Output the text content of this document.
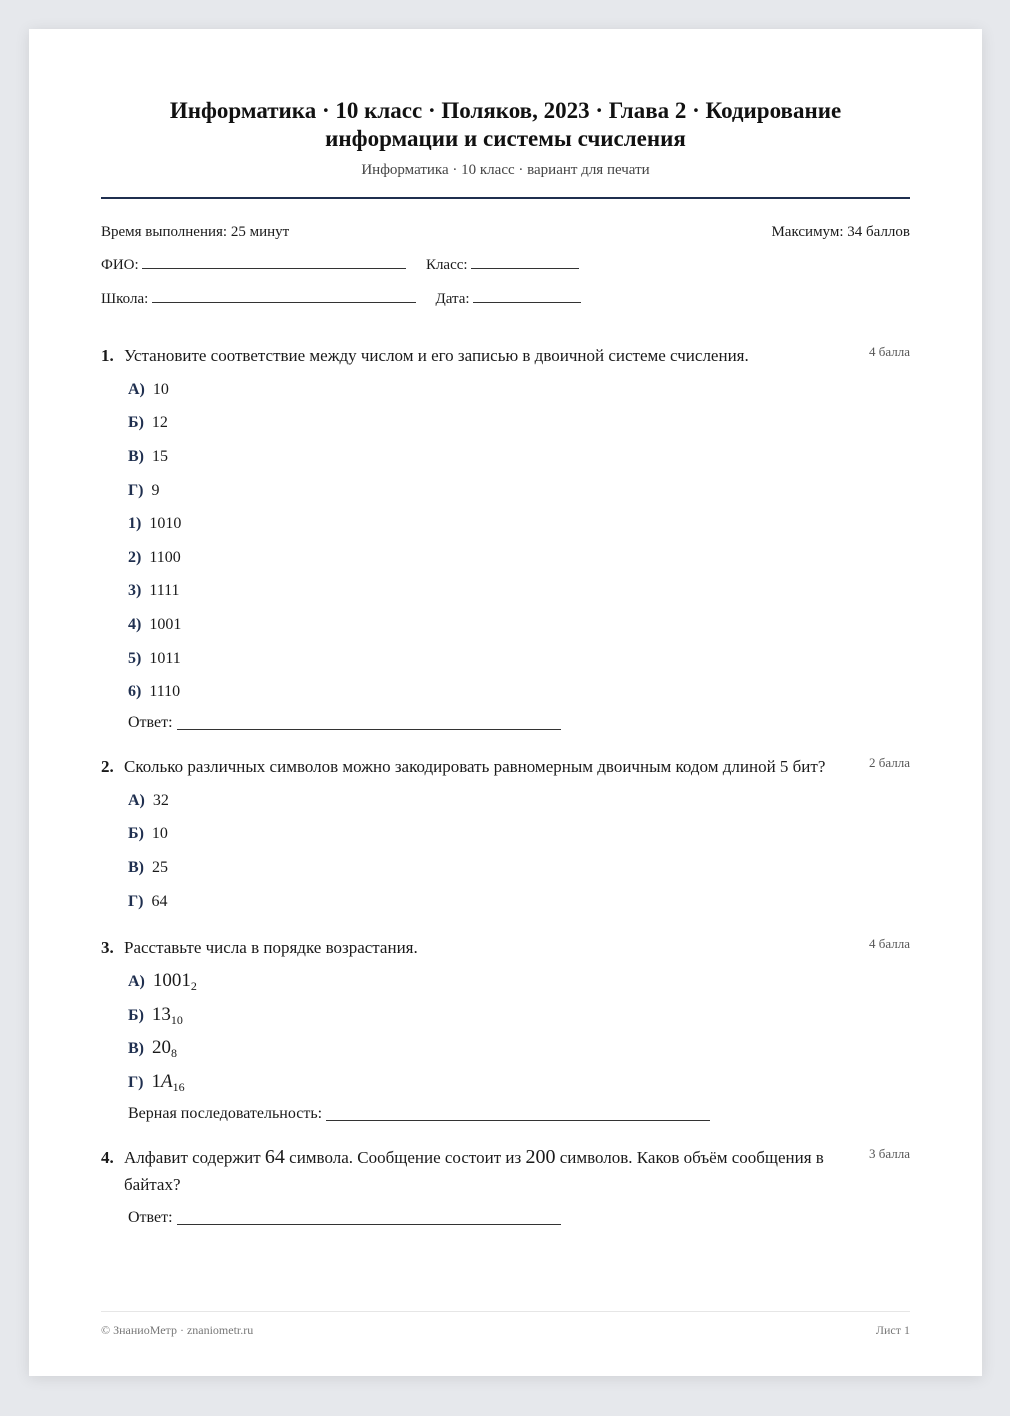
Информатика · 10 класс · Поляков, 2023 · Глава 2 · Кодирование информации и системы счисления
Информатика · 10 класс · вариант для печати
Время выполнения: 25 минут	Максимум: 34 баллов
ФИО:	Класс:
Школа:	Дата:
1. Установите соответствие между числом и его записью в двоичной системе счисления.	4 балла
А) 10
Б) 12
В) 15
Г) 9
1) 1010
2) 1100
3) 1111
4) 1001
5) 1011
6) 1110
Ответ:
2. Сколько различных символов можно закодировать равномерным двоичным кодом длиной 5 бит?	2 балла
А) 32
Б) 10
В) 25
Г) 64
3. Расставьте числа в порядке возрастания.	4 балла
А) $1001_2$
Б) $13_{10}$
В) $20_8$
Г) $1A_{16}$
Верная последовательность:
4. Алфавит содержит 64 символа. Сообщение состоит из 200 символов. Каков объём сообщения в байтах?
3 балла
Ответ:
© ЗнаниоМетр · znaniometr.ru	Лист 1
